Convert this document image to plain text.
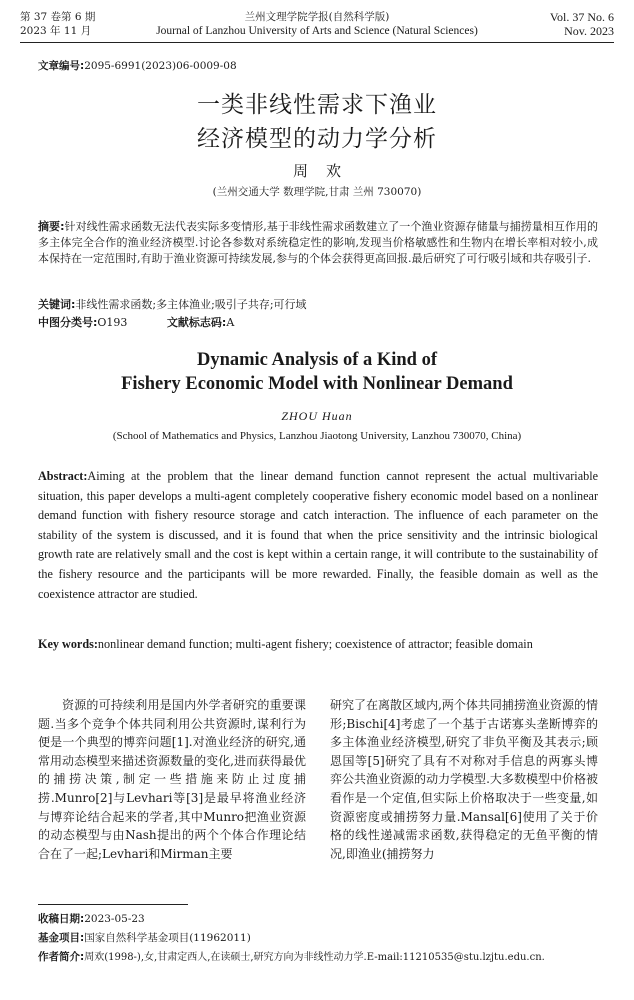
第 37 卷第 6 期
2023 年 11 月
兰州文理学院学报(自然科学版)
Journal of Lanzhou University of Arts and Science (Natural Sciences)
Vol. 37 No. 6
Nov. 2023
文章编号:2095-6991(2023)06-0009-08
一类非线性需求下渔业
经济模型的动力学分析
周欢
(兰州交通大学 数理学院,甘肃 兰州 730070)
摘要:针对线性需求函数无法代表实际多变情形,基于非线性需求函数建立了一个渔业资源存储量与捕捞量相互作用的多主体完全合作的渔业经济模型.讨论各参数对系统稳定性的影响,发现当价格敏感性和生物内在增长率相对较小,成本保持在一定范围时,有助于渔业资源可持续发展,参与的个体会获得更高回报.最后研究了可行吸引域和共存吸引子.
关键词:非线性需求函数;多主体渔业;吸引子共存;可行域
中图分类号:O193	文献标志码:A
Dynamic Analysis of a Kind of
Fishery Economic Model with Nonlinear Demand
ZHOU Huan
(School of Mathematics and Physics, Lanzhou Jiaotong University, Lanzhou 730070, China)
Abstract:Aiming at the problem that the linear demand function cannot represent the actual multivariable situation, this paper develops a multi-agent completely cooperative fishery economic model based on a nonlinear demand function with fishery resource storage and catch interaction. The influence of each parameter on the stability of the system is discussed, and it is found that when the price sensitivity and the intrinsic biological growth rate are relatively small and the cost is kept within a certain range, it will contribute to the sustainability of the fishery resource and the participants will be more rewarded. Finally, the feasible domain as well as the coexistence attractor are studied.
Key words:nonlinear demand function; multi-agent fishery; coexistence of attractor; feasible domain
资源的可持续利用是国内外学者研究的重要课题.当多个竞争个体共同利用公共资源时,谋利行为便是一个典型的博弈问题[1].对渔业经济的研究,通常用动态模型来描述资源数量的变化,进而获得最优的捕捞决策,制定一些措施来防止过度捕捞.Munro[2]与Levhari等[3]是最早将渔业经济与博弈论结合起来的学者,其中Munro把渔业资源的动态模型与由Nash提出的两个个体合作理论结合在了一起;Levhari和Mirman主要
研究了在离散区域内,两个体共同捕捞渔业资源的情形;Bischi[4]考虑了一个基于古诺寡头垄断博弈的多主体渔业经济模型,研究了非负平衡及其表示;顾恩国等[5]研究了具有不对称对手信息的两寡头博弈公共渔业资源的动力学模型.大多数模型中价格被看作是一个定值,但实际上价格取决于一些变量,如资源密度或捕捞努力量.Mansal[6]使用了关于价格的线性递减需求函数,获得稳定的无鱼平衡的情况,即渔业(捕捞努力
收稿日期:2023-05-23
基金项目:国家自然科学基金项目(11962011)
作者简介:周欢(1998-),女,甘肃定西人,在读硕士,研究方向为非线性动力学.E-mail:11210535@stu.lzjtu.edu.cn.
